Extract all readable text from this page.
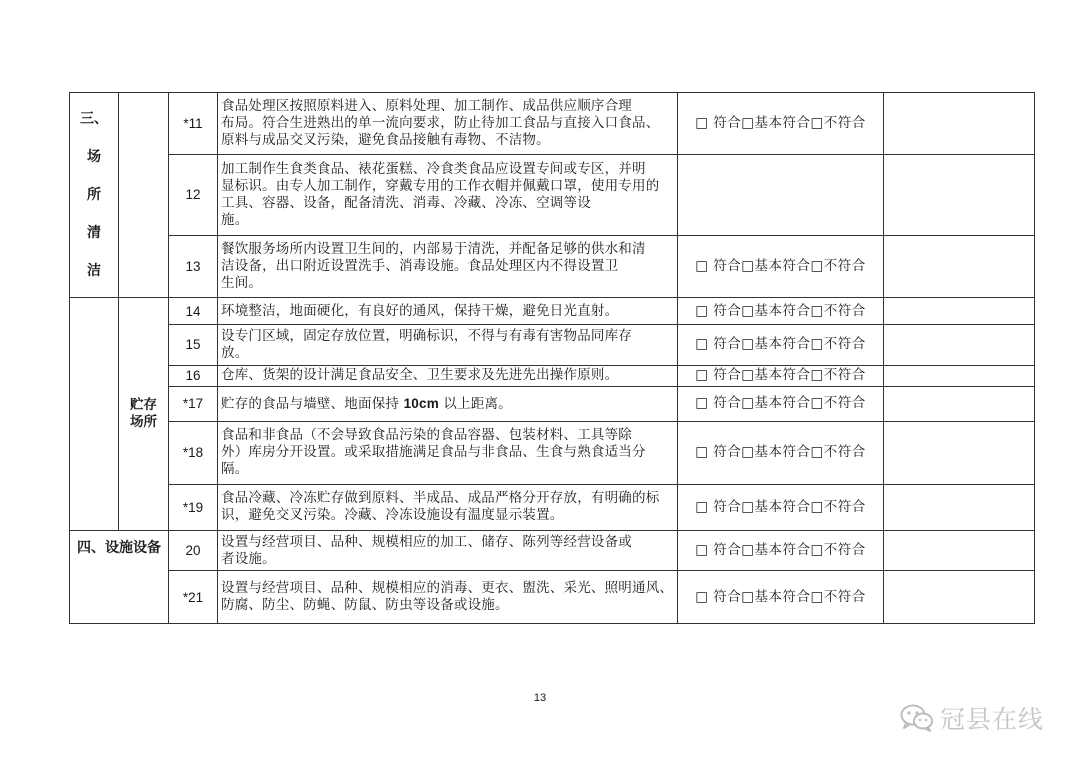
三、
场
所
清
洁		*11	食品处理区按照原料进入、原料处理、加工制作、成品供应顺序合理
布局。符合生进熟出的单一流向要求，防止待加工食品与直接入口食品、
原料与成品交叉污染，避免食品接触有毒物、不洁物。	□ 符合□基本符合□不符合	
		12	加工制作生食类食品、裱花蛋糕、冷食类食品应设置专间或专区，并明
显标识。由专人加工制作，穿戴专用的工作衣帽并佩戴口罩，使用专用的
工具、容器、设备，配备清洗、消毒、冷藏、冷冻、空调等设
施。		

		13	餐饮服务场所内设置卫生间的，内部易于清洗，并配备足够的供水和清
洁设备，出口附近设置洗手、消毒设施。食品处理区内不得设置卫
生间。	□ 符合□基本符合□不符合	

	贮存
场所	14	环境整洁，地面硬化，有良好的通风，保持干燥，避免日光直射。	□ 符合□基本符合□不符合	
		15	设专门区域，固定存放位置，明确标识，不得与有毒有害物品同库存
放。	□ 符合□基本符合□不符合	
		16	仓库、货架的设计满足食品安全、卫生要求及先进先出操作原则。	□ 符合□基本符合□不符合	
		*17	贮存的食品与墙壁、地面保持 10cm 以上距离。	□ 符合□基本符合□不符合	
		*18	食品和非食品（不会导致食品污染的食品容器、包装材料、工具等除
外）库房分开设置。或采取措施满足食品与非食品、生食与熟食适当分
隔。	□ 符合□基本符合□不符合	
		*19	食品冷藏、冷冻贮存做到原料、半成品、成品严格分开存放，有明确的标
识，避免交叉污染。冷藏、冷冻设施设有温度显示装置。	□ 符合□基本符合□不符合	
四、设施设备		20	设置与经营项目、品种、规模相应的加工、储存、陈列等经营设备或
者设施。	□ 符合□基本符合□不符合	
		*21	设置与经营项目、品种、规模相应的消毒、更衣、盥洗、采光、照明通风、
防腐、防尘、防蝇、防鼠、防虫等设备或设施。	□ 符合□基本符合□不符合	
13
冠县在线
